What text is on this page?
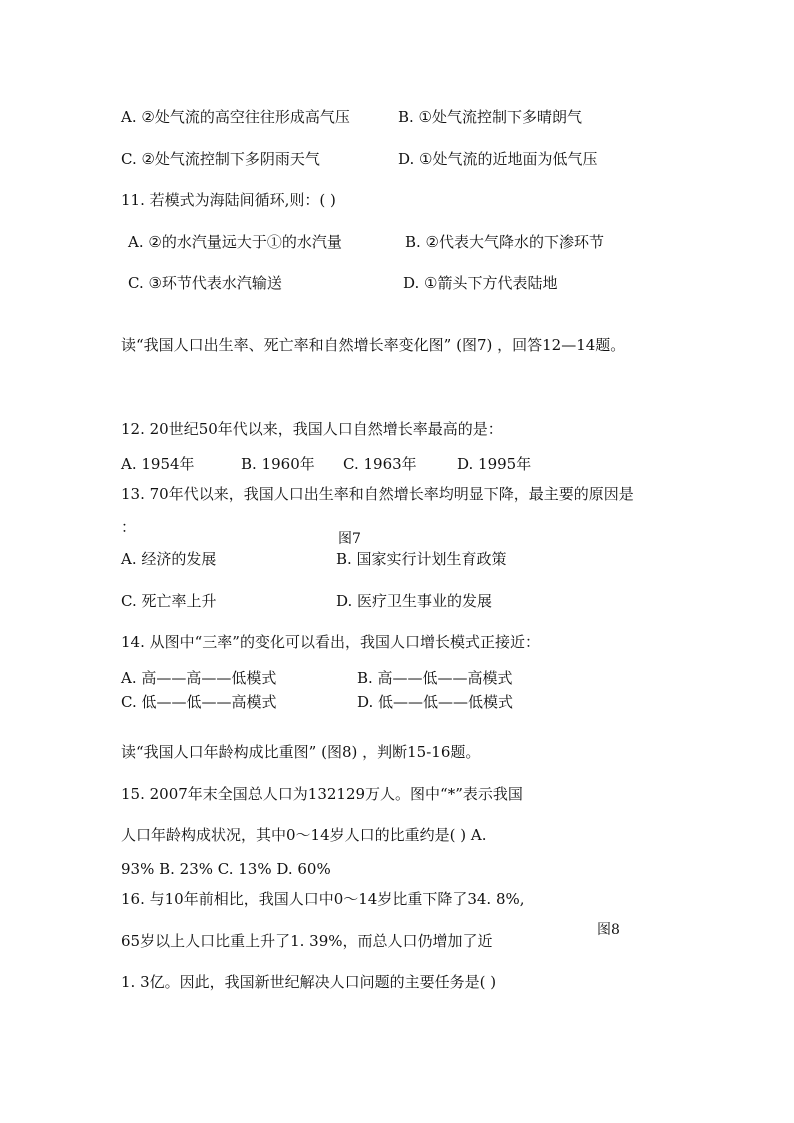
A. ②处气流的高空往往形成高气压	B. ①处气流控制下多晴朗气
C. ②处气流控制下多阴雨天气	D. ①处气流的近地面为低气压
11. 若模式为海陆间循环,则：( )
A. ②的水汽量远大于①的水汽量	B. ②代表大气降水的下渗环节
C. ③环节代表水汽输送	D. ①箭头下方代表陆地
读“我国人口出生率、死亡率和自然增长率变化图” (图7) ，回答12—14题。
12. 20世纪50年代以来，我国人口自然增长率最高的是：
A. 1954年	B. 1960年 C. 1963年	D. 1995年
13. 70年代以来，我国人口出生率和自然增长率均明显下降，最主要的原因是
：
图7
A. 经济的发展	B. 国家实行计划生育政策
C. 死亡率上升	D. 医疗卫生事业的发展
14. 从图中“三率”的变化可以看出，我国人口增长模式正接近：
A. 高——高——低模式	B. 高——低——高模式
C. 低——低——高模式	D. 低——低——低模式
读“我国人口年龄构成比重图” (图8) ，判断15-16题。
15. 2007年末全国总人口为132129万人。图中“*”表示我国
人口年龄构成状况，其中0～14岁人口的比重约是( ) A.
93% B. 23% C. 13% D. 60%
16. 与10年前相比，我国人口中0～14岁比重下降了34. 8%,
图8
65岁以上人口比重上升了1. 39%，而总人口仍增加了近
1. 3亿。因此，我国新世纪解决人口问题的主要任务是( )
